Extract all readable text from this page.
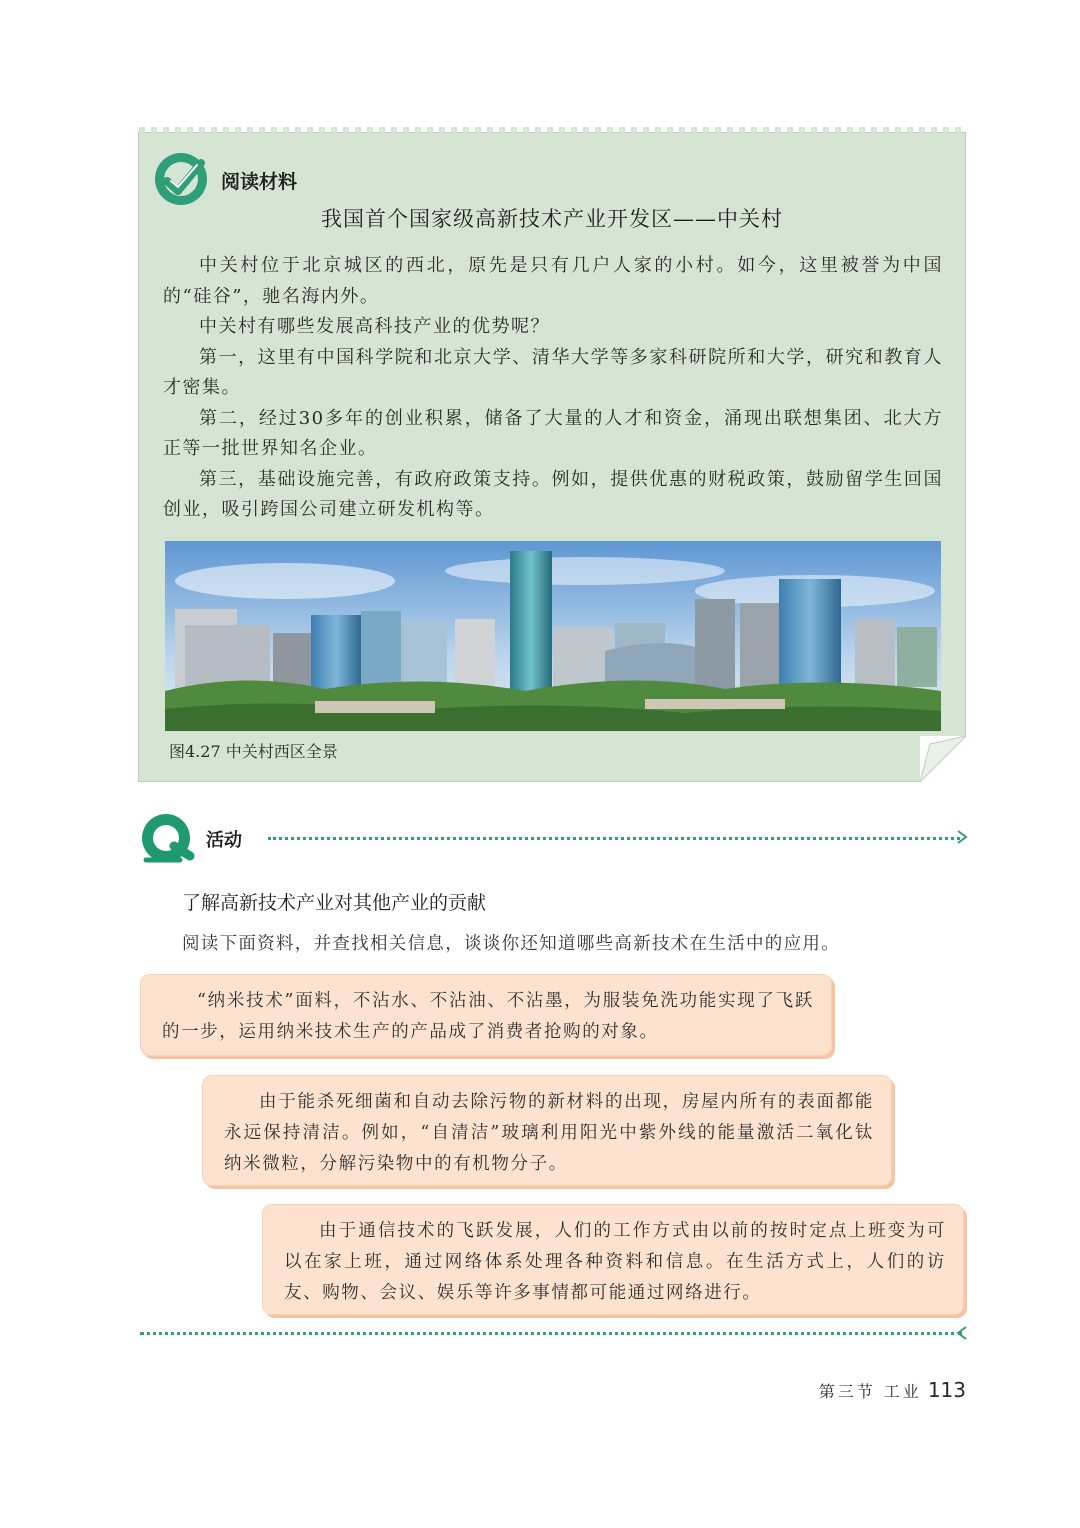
阅读材料
我国首个国家级高新技术产业开发区——中关村

中关村位于北京城区的西北，原先是只有几户人家的小村。如今，这里被誉为中国的“硅谷”，驰名海内外。

中关村有哪些发展高科技产业的优势呢？

第一，这里有中国科学院和北京大学、清华大学等多家科研院所和大学，研究和教育人才密集。

第二，经过30多年的创业积累，储备了大量的人才和资金，涌现出联想集团、北大方正等一批世界知名企业。

第三，基础设施完善，有政府政策支持。例如，提供优惠的财税政策，鼓励留学生回国创业，吸引跨国公司建立研发机构等。

图4.27 中关村西区全景
活动
了解高新技术产业对其他产业的贡献
阅读下面资料，并查找相关信息，谈谈你还知道哪些高新技术在生活中的应用。

“纳米技术”面料，不沾水、不沾油、不沾墨，为服装免洗功能实现了飞跃的一步，运用纳米技术生产的产品成了消费者抢购的对象。

由于能杀死细菌和自动去除污物的新材料的出现，房屋内所有的表面都能永远保持清洁。例如，“自清洁”玻璃利用阳光中紫外线的能量激活二氧化钛纳米微粒，分解污染物中的有机物分子。

由于通信技术的飞跃发展，人们的工作方式由以前的按时定点上班变为可以在家上班，通过网络体系处理各种资料和信息。在生活方式上，人们的访友、购物、会议、娱乐等许多事情都可能通过网络进行。

第三节 工业 113
